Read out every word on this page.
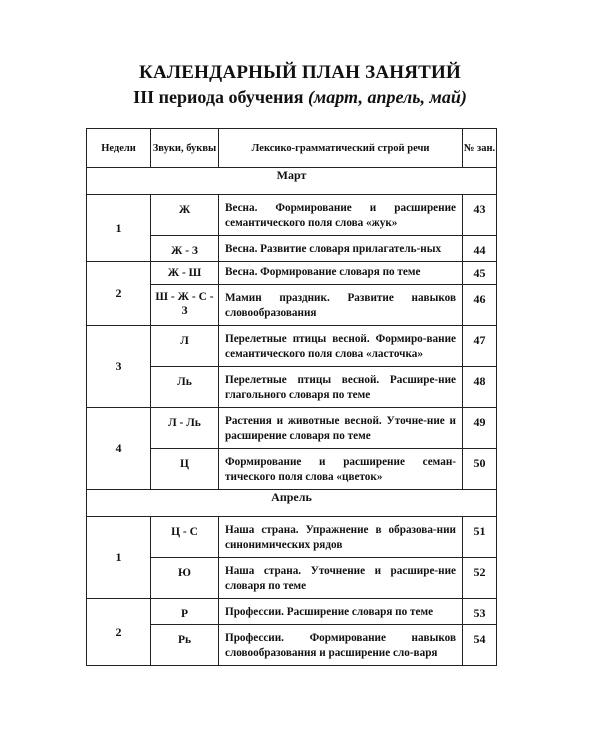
КАЛЕНДАРНЫЙ ПЛАН ЗАНЯТИЙ
III периода обучения (март, апрель, май)
Недели	Звуки, буквы	Лексико-грамматический строй речи	№ зан.
Март			
1	Ж	Весна. Формирование и расширение семантического поля слова «жук»	43
	Ж - З	Весна. Развитие словаря прилагатель-ных	44
2	Ж - Ш	Весна. Формирование словаря по теме	45
	Ш - Ж - С - З	Мамин праздник. Развитие навыков словообразования	46
3	Л	Перелетные птицы весной. Формиро-вание семантического поля слова «ласточка»	47
	Ль	Перелетные птицы весной. Расшире-ние глагольного словаря по теме	48
4	Л - Ль	Растения и животные весной. Уточне-ние и расширение словаря по теме	49
	Ц	Формирование и расширение семан-тического поля слова «цветок»	50
Апрель			
1	Ц - С	Наша страна. Упражнение в образова-нии синонимических рядов	51
	Ю	Наша страна. Уточнение и расшире-ние словаря по теме	52
2	Р	Профессии. Расширение словаря по теме	53
	Рь	Профессии. Формирование навыков словообразования и расширение сло-варя	54
